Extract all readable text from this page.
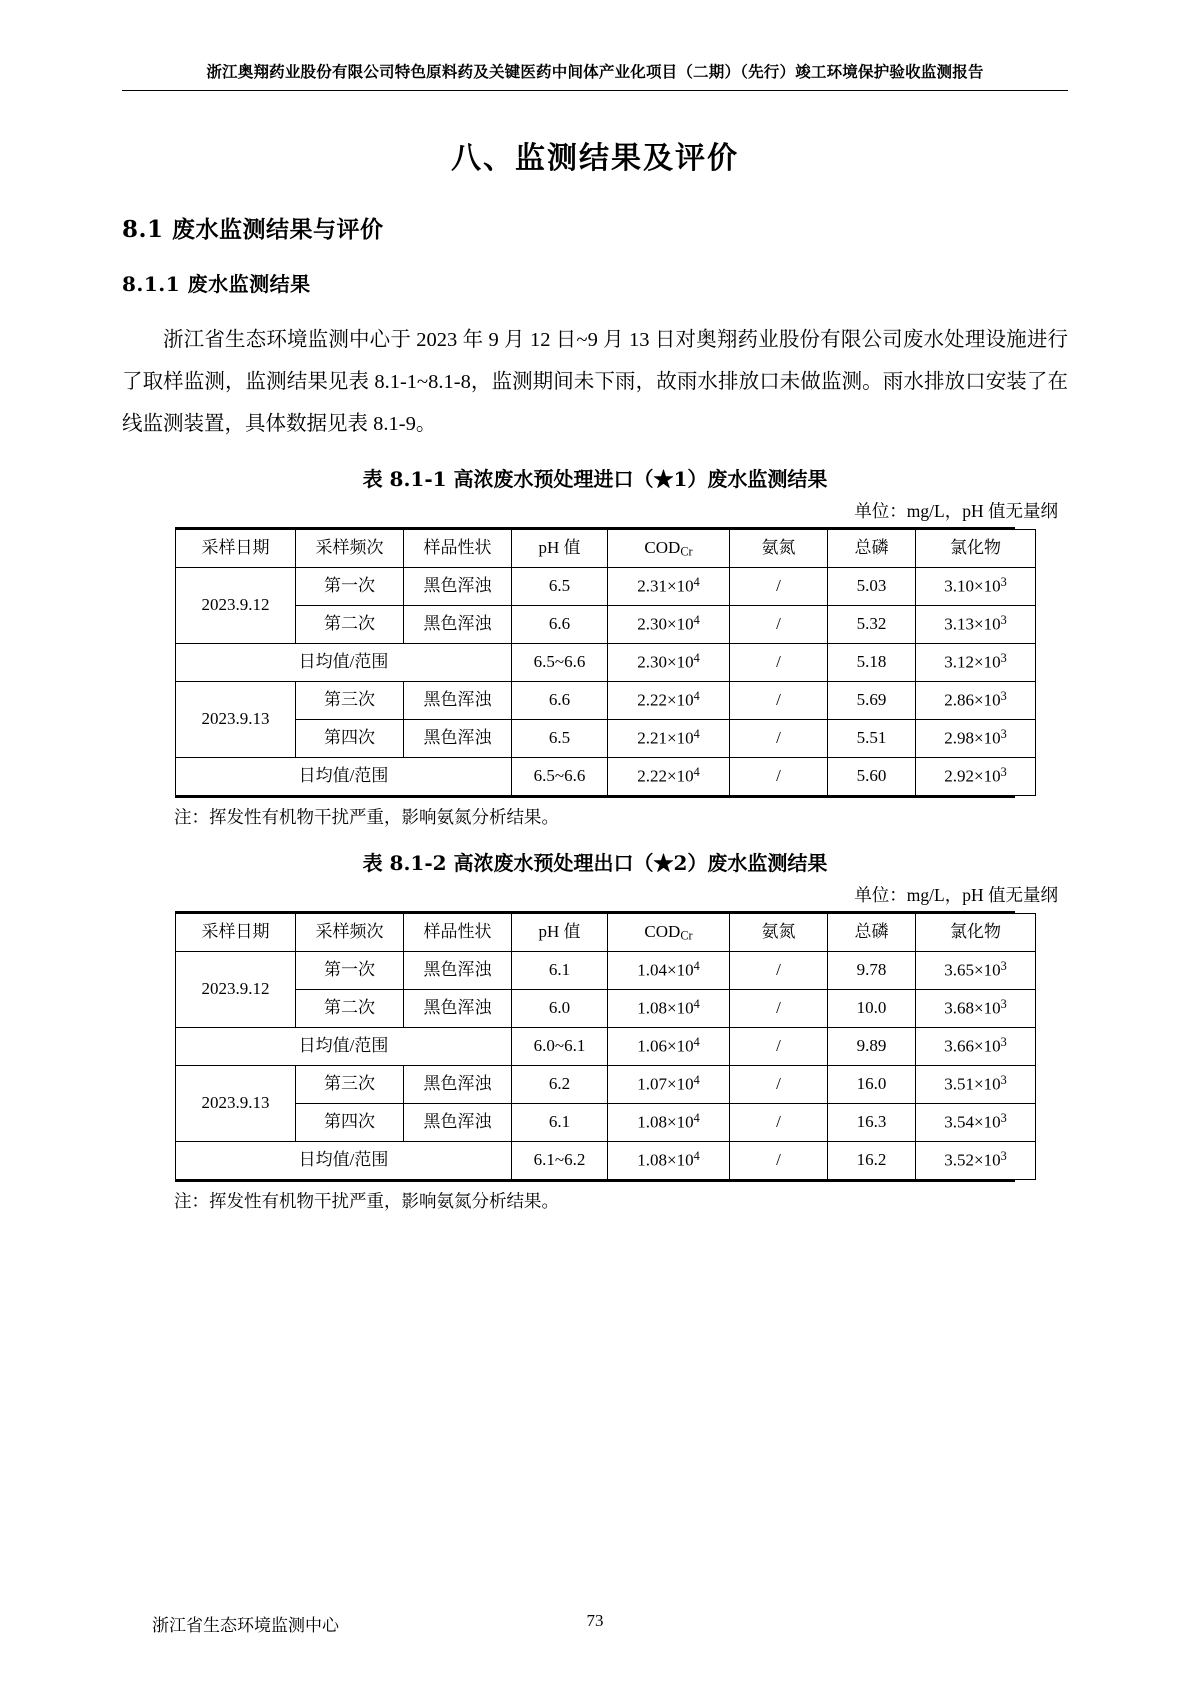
浙江奥翔药业股份有限公司特色原料药及关键医药中间体产业化项目（二期）（先行）竣工环境保护验收监测报告
八、监测结果及评价
8.1 废水监测结果与评价
8.1.1 废水监测结果

浙江省生态环境监测中心于 2023 年 9 月 12 日~9 月 13 日对奥翔药业股份有限公司废水处理设施进行了取样监测，监测结果见表 8.1-1~8.1-8，监测期间未下雨，故雨水排放口未做监测。雨水排放口安装了在线监测装置，具体数据见表 8.1-9。

表 8.1-1 高浓废水预处理进口（★1）废水监测结果
单位：mg/L，pH 值无量纲
采样日期	采样频次	样品性状	pH 值	$COD_{Cr}$	氨氮	总磷	氯化物
2023.9.12	第一次	黑色浑浊	6.5	$2.31\times 10^4$	/	5.03	$3.10\times 10^3$
	第二次	黑色浑浊	6.6	$2.30\times 10^4$	/	5.32	$3.13\times 10^3$
日均值/范围			6.5~6.6	$2.30\times 10^4$	/	5.18	$3.12\times 10^3$
2023.9.13	第三次	黑色浑浊	6.6	$2.22\times 10^4$	/	5.69	$2.86\times 10^3$
	第四次	黑色浑浊	6.5	$2.21\times 10^4$	/	5.51	$2.98\times 10^3$
日均值/范围			6.5~6.6	$2.22\times 10^4$	/	5.60	$2.92\times 10^3$
注：挥发性有机物干扰严重，影响氨氮分析结果。
表 8.1-2 高浓废水预处理出口（★2）废水监测结果
单位：mg/L，pH 值无量纲
采样日期	采样频次	样品性状	pH 值	$COD_{Cr}$	氨氮	总磷	氯化物
2023.9.12	第一次	黑色浑浊	6.1	$1.04\times 10^4$	/	9.78	$3.65\times 10^3$
	第二次	黑色浑浊	6.0	$1.08\times 10^4$	/	10.0	$3.68\times 10^3$
日均值/范围			6.0~6.1	$1.06\times 10^4$	/	9.89	$3.66\times 10^3$
2023.9.13	第三次	黑色浑浊	6.2	$1.07\times 10^4$	/	16.0	$3.51\times 10^3$
	第四次	黑色浑浊	6.1	$1.08\times 10^4$	/	16.3	$3.54\times 10^3$
日均值/范围			6.1~6.2	$1.08\times 10^4$	/	16.2	$3.52\times 10^3$
注：挥发性有机物干扰严重，影响氨氮分析结果。
浙江省生态环境监测中心	73
